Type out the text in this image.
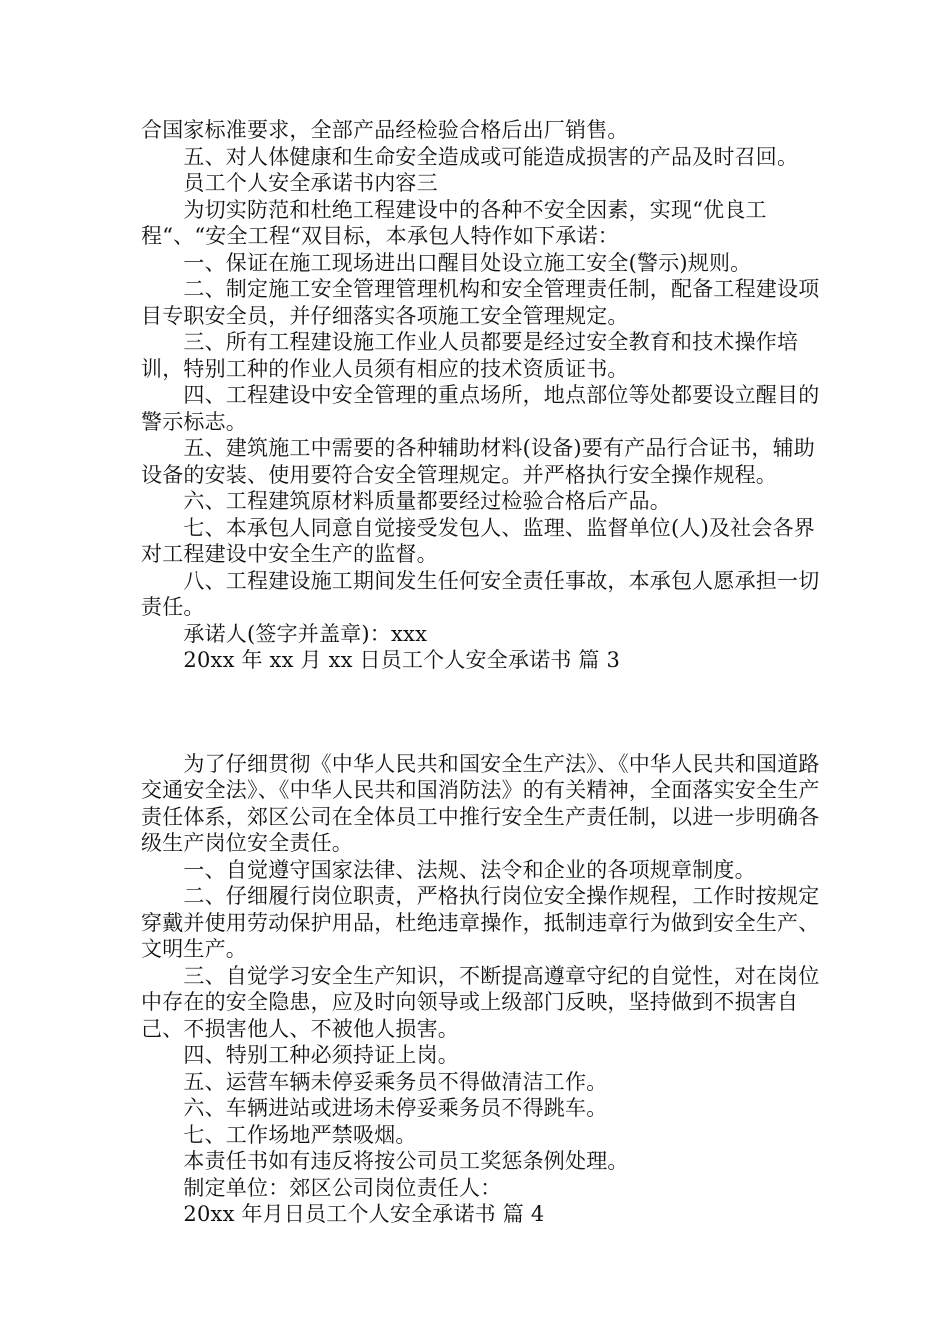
合国家标准要求，全部产品经检验合格后出厂销售。

　　五、对人体健康和生命安全造成或可能造成损害的产品及时召回。

　　员工个人安全承诺书内容三

　　为切实防范和杜绝工程建设中的各种不安全因素，实现“优良工程“、“安全工程“双目标，本承包人特作如下承诺：

　　一、保证在施工现场进出口醒目处设立施工安全(警示)规则。

　　二、制定施工安全管理管理机构和安全管理责任制，配备工程建设项目专职安全员，并仔细落实各项施工安全管理规定。

　　三、所有工程建设施工作业人员都要是经过安全教育和技术操作培训，特别工种的作业人员须有相应的技术资质证书。

　　四、工程建设中安全管理的重点场所，地点部位等处都要设立醒目的警示标志。

　　五、建筑施工中需要的各种辅助材料(设备)要有产品行合证书，辅助设备的安装、使用要符合安全管理规定。并严格执行安全操作规程。

　　六、工程建筑原材料质量都要经过检验合格后产品。

　　七、本承包人同意自觉接受发包人、监理、监督单位(人)及社会各界对工程建设中安全生产的监督。

　　八、工程建设施工期间发生任何安全责任事故，本承包人愿承担一切责任。

　　承诺人(签字并盖章)：xxx

　　20xx 年 xx 月 xx 日员工个人安全承诺书 篇 3

　　为了仔细贯彻《中华人民共和国安全生产法》、《中华人民共和国道路交通安全法》、《中华人民共和国消防法》的有关精神，全面落实安全生产责任体系，郊区公司在全体员工中推行安全生产责任制，以进一步明确各级生产岗位安全责任。

　　一、自觉遵守国家法律、法规、法令和企业的各项规章制度。

　　二、仔细履行岗位职责，严格执行岗位安全操作规程，工作时按规定穿戴并使用劳动保护用品，杜绝违章操作，抵制违章行为做到安全生产、文明生产。

　　三、自觉学习安全生产知识，不断提高遵章守纪的自觉性，对在岗位中存在的安全隐患，应及时向领导或上级部门反映，坚持做到不损害自己、不损害他人、不被他人损害。

　　四、特别工种必须持证上岗。

　　五、运营车辆未停妥乘务员不得做清洁工作。

　　六、车辆进站或进场未停妥乘务员不得跳车。

　　七、工作场地严禁吸烟。

　　本责任书如有违反将按公司员工奖惩条例处理。

　　制定单位：郊区公司岗位责任人：

　　20xx 年月日员工个人安全承诺书 篇 4
